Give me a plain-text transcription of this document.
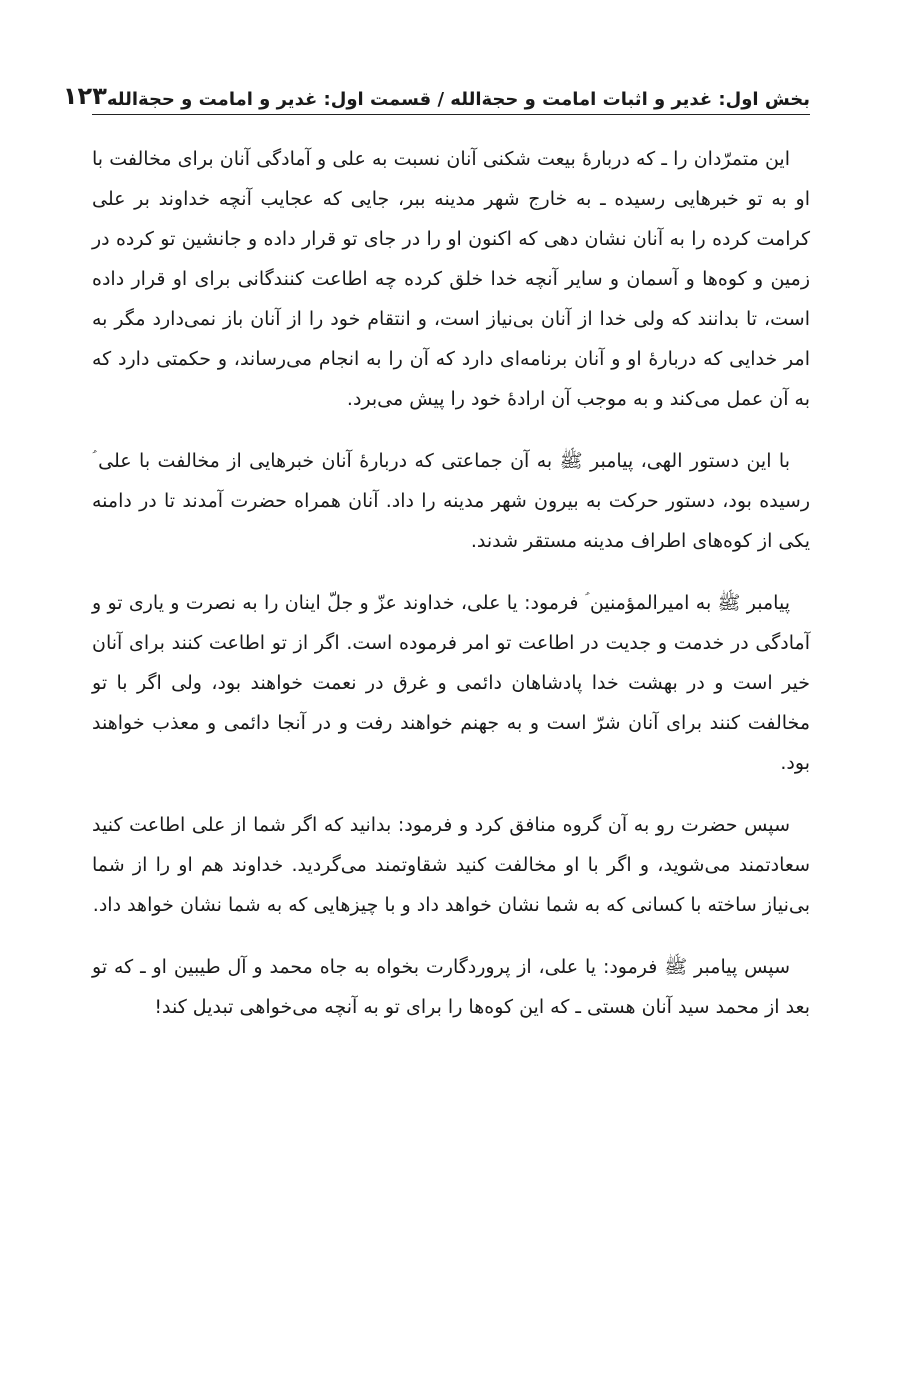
بخش اول: غدیر و اثبات امامت و حجةالله / قسمت اول: غدیر و امامت و حجةالله
۱۲۳

این متمرّدان را ـ که دربارهٔ بیعت شکنی آنان نسبت به علی و آمادگی آنان برای مخالفت با او به تو خبرهایی رسیده ـ به خارج شهر مدینه ببر، جایی که عجایب آنچه خداوند بر علی کرامت کرده را به آنان نشان دهی که اکنون او را در جای تو قرار داده و جانشین تو کرده در زمین و کوه‌ها و آسمان و سایر آنچه خدا خلق کرده چه اطاعت کنندگانی برای او قرار داده است، تا بدانند که ولی خدا از آنان بی‌نیاز است، و انتقام خود را از آنان باز نمی‌دارد مگر به امر خدایی که دربارهٔ او و آنان برنامه‌ای دارد که آن را به انجام می‌رساند، و حکمتی دارد که به آن عمل می‌کند و به موجب آن ارادهٔ خود را پیش می‌برد.

با این دستور الهی، پیامبر ﷺ به آن جماعتی که دربارهٔ آنان خبرهایی از مخالفت با علی ؑ رسیده بود، دستور حرکت به بیرون شهر مدینه را داد. آنان همراه حضرت آمدند تا در دامنه یکی از کوه‌های اطراف مدینه مستقر شدند.

پیامبر ﷺ به امیرالمؤمنین ؑ فرمود: یا علی، خداوند عزّ و جلّ اینان را به نصرت و یاری تو و آمادگی در خدمت و جدیت در اطاعت تو امر فرموده است. اگر از تو اطاعت کنند برای آنان خیر است و در بهشت خدا پادشاهان دائمی و غرق در نعمت خواهند بود، ولی اگر با تو مخالفت کنند برای آنان شرّ است و به جهنم خواهند رفت و در آنجا دائمی و معذب خواهند بود.

سپس حضرت رو به آن گروه منافق کرد و فرمود: بدانید که اگر شما از علی اطاعت کنید سعادتمند می‌شوید، و اگر با او مخالفت کنید شقاوتمند می‌گردید. خداوند هم او را از شما بی‌نیاز ساخته با کسانی که به شما نشان خواهد داد و با چیزهایی که به شما نشان خواهد داد.

سپس پیامبر ﷺ فرمود: یا علی، از پروردگارت بخواه به جاه محمد و آل طیبین او ـ که تو بعد از محمد سید آنان هستی ـ که این کوه‌ها را برای تو به آنچه می‌خواهی تبدیل کند!
